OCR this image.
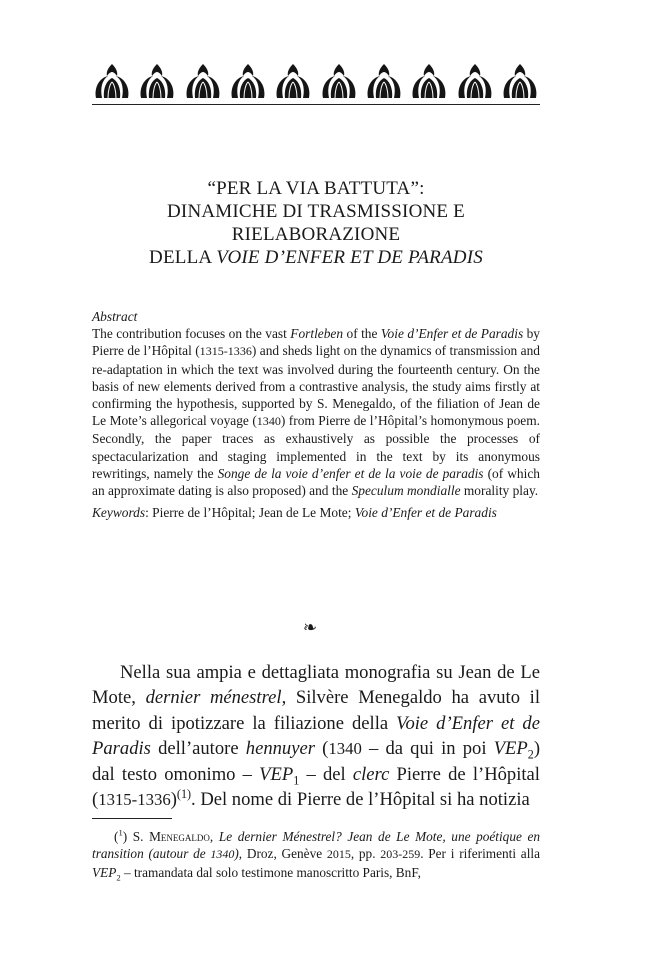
“PER LA VIA BATTUTA”:

DINAMICHE DI TRASMISSIONE E RIELABORAZIONE

DELLA VOIE D’ENFER ET DE PARADIS

Abstract

The contribution focuses on the vast Fortleben of the Voie d’Enfer et de Paradis by Pierre de l’Hôpital (1315-1336) and sheds light on the dynamics of transmission and re-adaptation in which the text was involved during the fourteenth century. On the basis of new elements derived from a contrastive analysis, the study aims firstly at confirming the hypothesis, supported by S. Menegaldo, of the filiation of Jean de Le Mote’s allegorical voyage (1340) from Pierre de l’Hôpital’s homonymous poem. Secondly, the paper traces as exhaustively as possible the processes of spectacularization and staging implemented in the text by its anonymous rewritings, namely the Songe de la voie d’enfer et de la voie de paradis (of which an approximate dating is also proposed) and the Speculum mondialle morality play.

Keywords: Pierre de l’Hôpital; Jean de Le Mote; Voie d’Enfer et de Paradis

❧

Nella sua ampia e dettagliata monografia su Jean de Le Mote, dernier ménestrel, Silvère Menegaldo ha avuto il merito di ipotizzare la filiazione della Voie d’Enfer et de Paradis dell’autore hennuyer (1340 – da qui in poi $VEP_2$) dal testo omonimo – $VEP_1$ – del clerc Pierre de l’Hôpital (1315-1336)$^{(1)}$. Del nome di Pierre de l’Hôpital si ha notizia

($^1$) S. Menegaldo, Le dernier Ménestrel? Jean de Le Mote, une poétique en transition (autour de 1340), Droz, Genève 2015, pp. 203-259. Per i riferimenti alla $VEP_2$ – tramandata dal solo testimone manoscritto Paris, BnF,
